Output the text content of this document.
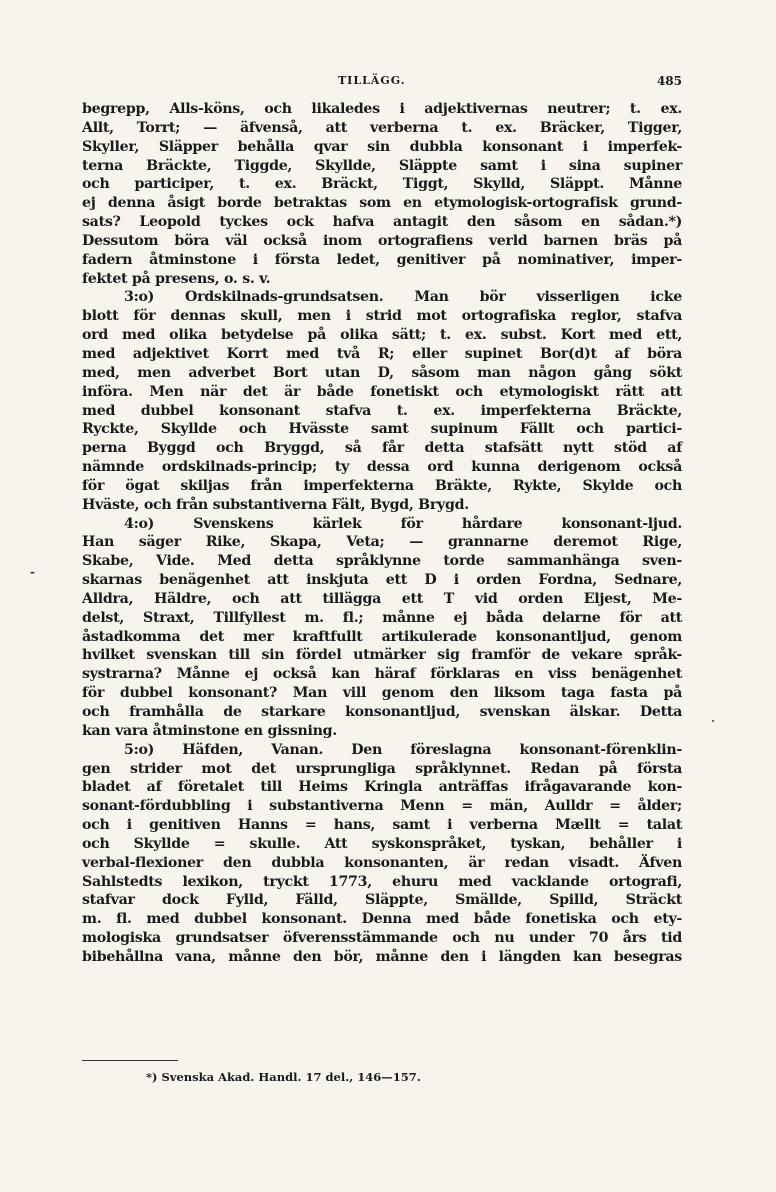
TILLÄGG.	485
begrepp, Alls-köns, och likaledes i adjektivernas neutrer; t. ex.
Allt, Torrt; — äfvenså, att verberna t. ex. Bräcker, Tigger,
Skyller, Släpper behålla qvar sin dubbla konsonant i imperfek-
terna Bräckte, Tiggde, Skyllde, Släppte samt i sina supiner
och participer, t. ex. Bräckt, Tiggt, Skylld, Släppt. Månne
ej denna åsigt borde betraktas som en etymologisk-ortografisk grund-
sats? Leopold tyckes ock hafva antagit den såsom en sådan.*)
Dessutom böra väl också inom ortografiens verld barnen bräs på
fadern åtminstone i första ledet, genitiver på nominativer, imper-
fektet på presens, o. s. v.
3:o) Ordskilnads-grundsatsen. Man bör visserligen icke
blott för dennas skull, men i strid mot ortografiska reglor, stafva
ord med olika betydelse på olika sätt; t. ex. subst. Kort med ett,
med adjektivet Korrt med två R; eller supinet Bor(d)t af böra
med, men adverbet Bort utan D, såsom man någon gång sökt
införa. Men när det är både fonetiskt och etymologiskt rätt att
med dubbel konsonant stafva t. ex. imperfekterna Bräckte,
Ryckte, Skyllde och Hvässte samt supinum Fällt och partici-
perna Byggd och Bryggd, så får detta stafsätt nytt stöd af
nämnde ordskilnads-princip; ty dessa ord kunna derigenom också
för ögat skiljas från imperfekterna Bräkte, Rykte, Skylde och
Hväste, och från substantiverna Fält, Bygd, Brygd.
4:o) Svenskens kärlek för hårdare konsonant-ljud.
Han säger Rike, Skapa, Veta; — grannarne deremot Rige,
Skabe, Vide. Med detta språklynne torde sammanhänga sven-
skarnas benägenhet att inskjuta ett D i orden Fordna, Sednare,
Alldra, Häldre, och att tillägga ett T vid orden Eljest, Me-
delst, Straxt, Tillfyllest m. fl.; månne ej båda delarne för att
åstadkomma det mer kraftfullt artikulerade konsonantljud, genom
hvilket svenskan till sin fördel utmärker sig framför de vekare språk-
systrarna? Månne ej också kan häraf förklaras en viss benägenhet
för dubbel konsonant? Man vill genom den liksom taga fasta på
och framhålla de starkare konsonantljud, svenskan älskar. Detta
kan vara åtminstone en gissning.
5:o) Häfden, Vanan. Den föreslagna konsonant-förenklin-
gen strider mot det ursprungliga språklynnet. Redan på första
bladet af företalet till Heims Kringla anträffas ifrågavarande kon-
sonant-fördubbling i substantiverna Menn = män, Aulldr = ålder;
och i genitiven Hanns = hans, samt i verberna Mællt = talat
och Skyllde = skulle. Att syskonspråket, tyskan, behåller i
verbal-flexioner den dubbla konsonanten, är redan visadt. Äfven
Sahlstedts lexikon, tryckt 1773, ehuru med vacklande ortografi,
stafvar dock Fylld, Fälld, Släppte, Smällde, Spilld, Sträckt
m. fl. med dubbel konsonant. Denna med både fonetiska och ety-
mologiska grundsatser öfverensstämmande och nu under 70 års tid
bibehållna vana, månne den bör, månne den i längden kan besegras
-
·
*) Svenska Akad. Handl. 17 del., 146—157.
